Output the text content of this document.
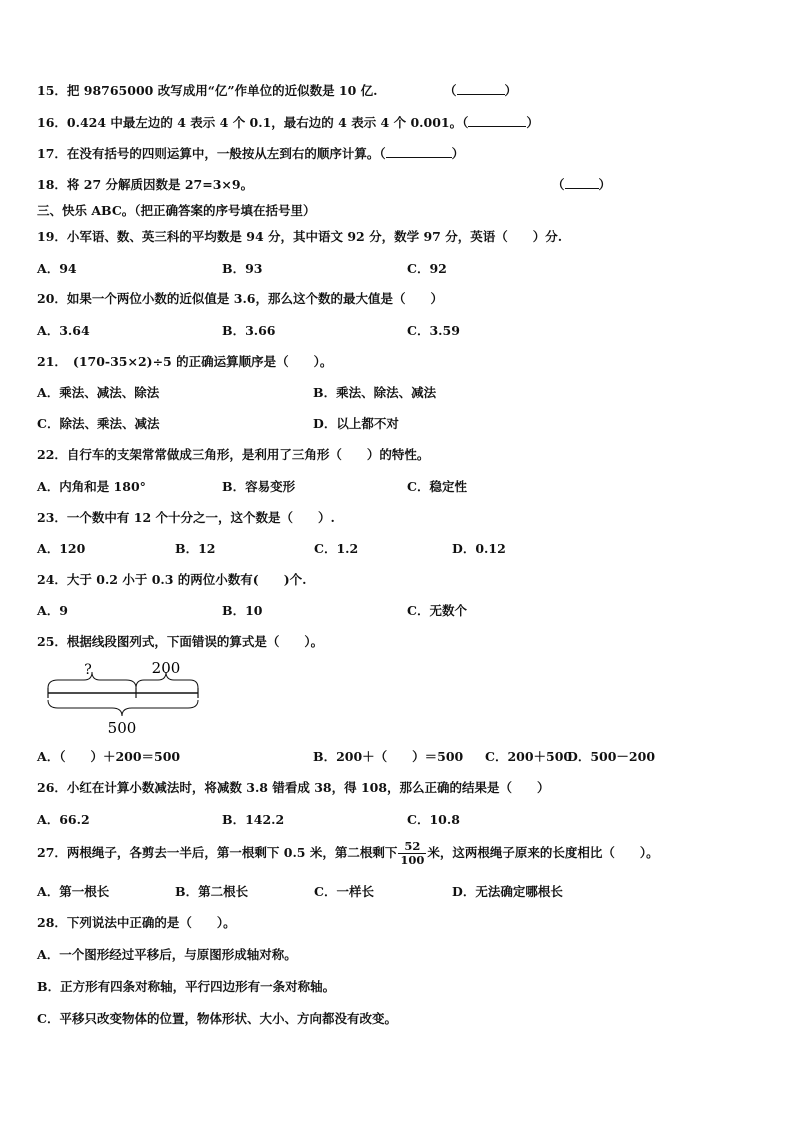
15．把 98765000 改写成用“亿”作单位的近似数是 10 亿.	（	）
16．0.424 中最左边的 4 表示 4 个 0.1，最右边的 4 表示 4 个 0.001。（	）
17．在没有括号的四则运算中，一般按从左到右的顺序计算。（	）
18．将 27 分解质因数是 27=3×9。	（	）
三、快乐 ABC。（把正确答案的序号填在括号里）
19．小军语、数、英三科的平均数是 94 分，其中语文 92 分，数学 97 分，英语（　　）分.
A．94	B．93	C．92
20．如果一个两位小数的近似值是 3.6，那么这个数的最大值是（　　）
A．3.64	B．3.66	C．3.59
21． (170-35×2)÷5 的正确运算顺序是（　　）。
A．乘法、减法、除法	B．乘法、除法、减法
C．除法、乘法、减法	D．以上都不对
22．自行车的支架常常做成三角形，是利用了三角形（　　）的特性。
A．内角和是 180°	B．容易变形	C．稳定性
23．一个数中有 12 个十分之一，这个数是（　　）.
A．120	B．12	C．1.2	D．0.12
24．大于 0.2 小于 0.3 的两位小数有(　　)个.
A．9	B．10	C．无数个
25．根据线段图列式，下面错误的算式是（　　）。
?	200
500
A．（　　）＋200＝500	B．200＋（　　）＝500 C．200＋500
D．500－200
26．小红在计算小数减法时，将减数 3.8 错看成 38，得 108，那么正确的结果是（　　）
A．66.2	B．142.2	C．10.8
27．两根绳子，各剪去一半后，第一根剩下 0.5 米，第二根剩下 $\frac{52}{100}$ 米，这两根绳子原来的长度相比（　　）。
A．第一根长	B．第二根长	C．一样长	D．无法确定哪根长
28．下列说法中正确的是（　　）。
A．一个图形经过平移后，与原图形成轴对称。
B．正方形有四条对称轴，平行四边形有一条对称轴。
C．平移只改变物体的位置，物体形状、大小、方向都没有改变。
